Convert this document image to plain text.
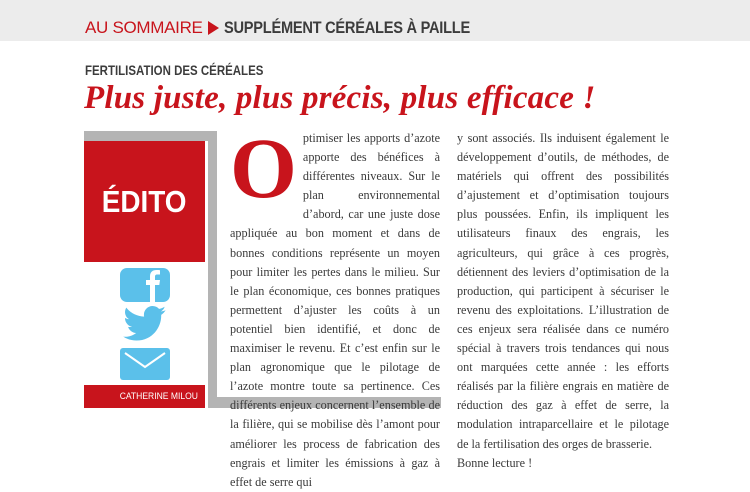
AU SOMMAIRE SUPPLÉMENT CÉRÉALES À PAILLE
FERTILISATION DES CÉRÉALES
Plus juste, plus précis, plus efficace !
ÉDITO
CATHERINE MILOU
O ptimiser les apports d’azote apporte des bénéfices à différentes niveaux. Sur le plan environnemental d’abord, car une juste dose appliquée au bon moment et dans de bonnes conditions représente un moyen pour limiter les pertes dans le milieu. Sur le plan économique, ces bonnes pratiques permettent d’ajuster les coûts à un potentiel bien identifié, et donc de maximiser le revenu. Et c’est enfin sur le plan agronomique que le pilotage de l’azote montre toute sa pertinence. Ces différents enjeux concernent l’ensemble de la filière, qui se mobilise dès l’amont pour améliorer les process de fabrication des engrais et limiter les émissions à gaz à effet de serre qui

y sont associés. Ils induisent également le développement d’outils, de méthodes, de matériels qui offrent des possibilités d’ajustement et d’optimisation toujours plus poussées. Enfin, ils impliquent les utilisateurs finaux des engrais, les agriculteurs, qui grâce à ces progrès, détiennent des leviers d’optimisation de la production, qui participent à sécuriser le revenu des exploitations. L’illustration de ces enjeux sera réalisée dans ce numéro spécial à travers trois tendances qui nous ont marquées cette année : les efforts réalisés par la filière engrais en matière de réduction des gaz à effet de serre, la modulation intraparcellaire et le pilotage de la fertilisation des orges de brasserie.

Bonne lecture !
